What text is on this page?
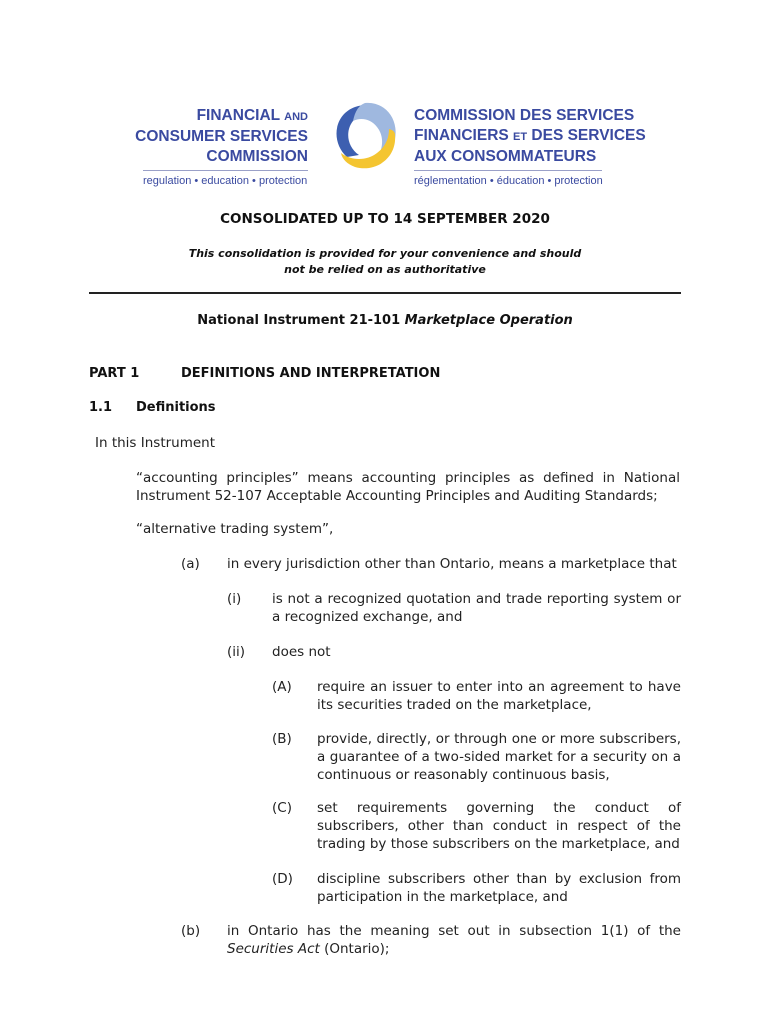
FINANCIAL AND
CONSUMER SERVICES
COMMISSION
regulation • education • protection
COMMISSION DES SERVICES
FINANCIERS ET DES SERVICES
AUX CONSOMMATEURS
réglementation • éducation • protection
CONSOLIDATED UP TO 14 SEPTEMBER 2020
This consolidation is provided for your convenience and should
not be relied on as authoritative
National Instrument 21-101 Marketplace Operation
PART 1	DEFINITIONS AND INTERPRETATION
1.1 Definitions
In this Instrument
“accounting principles” means accounting principles as defined in National Instrument 52-107 Acceptable Accounting Principles and Auditing Standards;
“alternative trading system”,
(a) in every jurisdiction other than Ontario, means a marketplace that
(i) is not a recognized quotation and trade reporting system or a recognized exchange, and
(ii) does not
(A) require an issuer to enter into an agreement to have its securities traded on the marketplace,
(B) provide, directly, or through one or more subscribers, a guarantee of a two-sided market for a security on a continuous or reasonably continuous basis,
(C) set requirements governing the conduct of subscribers, other than conduct in respect of the trading by those subscribers on the marketplace, and
(D) discipline subscribers other than by exclusion from participation in the marketplace, and
(b) in Ontario has the meaning set out in subsection 1(1) of the Securities Act (Ontario);
